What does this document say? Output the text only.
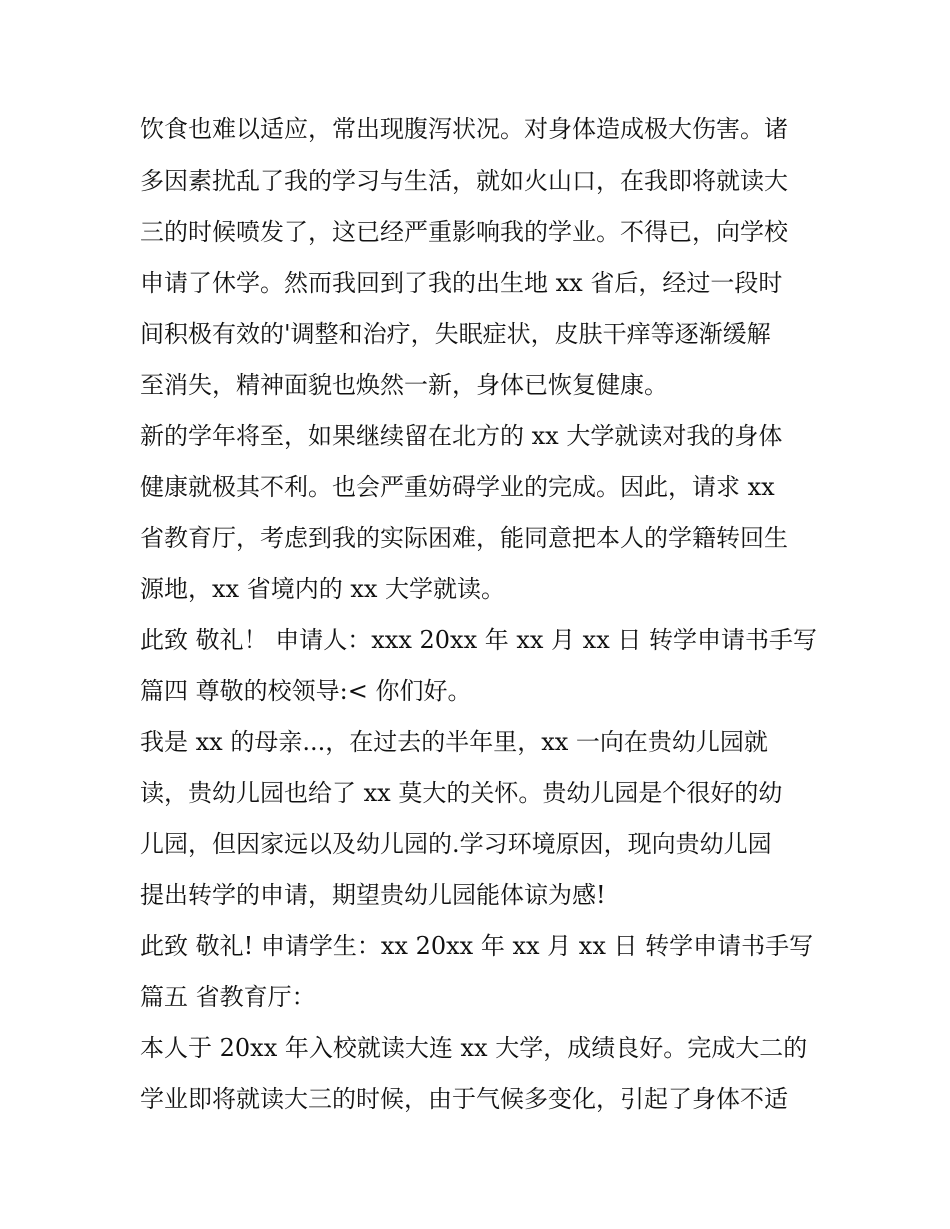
饮食也难以适应，常出现腹泻状况。对身体造成极大伤害。诸
多因素扰乱了我的学习与生活，就如火山口，在我即将就读大
三的时候喷发了，这已经严重影响我的学业。不得已，向学校
申请了休学。然而我回到了我的出生地 xx 省后，经过一段时
间积极有效的'调整和治疗，失眠症状，皮肤干痒等逐渐缓解
至消失，精神面貌也焕然一新，身体已恢复健康。
新的学年将至，如果继续留在北方的 xx 大学就读对我的身体
健康就极其不利。也会严重妨碍学业的完成。因此，请求 xx
省教育厅，考虑到我的实际困难，能同意把本人的学籍转回生
源地，xx 省境内的 xx 大学就读。
此致 敬礼！ 申请人：xxx 20xx 年 xx 月 xx 日 转学申请书手写
篇四 尊敬的校领导:< 你们好。
我是 xx 的母亲...，在过去的半年里，xx 一向在贵幼儿园就
读，贵幼儿园也给了 xx 莫大的关怀。贵幼儿园是个很好的幼
儿园，但因家远以及幼儿园的.学习环境原因，现向贵幼儿园
提出转学的申请，期望贵幼儿园能体谅为感!
此致 敬礼! 申请学生：xx 20xx 年 xx 月 xx 日 转学申请书手写
篇五 省教育厅：
本人于 20xx 年入校就读大连 xx 大学，成绩良好。完成大二的
学业即将就读大三的时候，由于气候多变化，引起了身体不适
